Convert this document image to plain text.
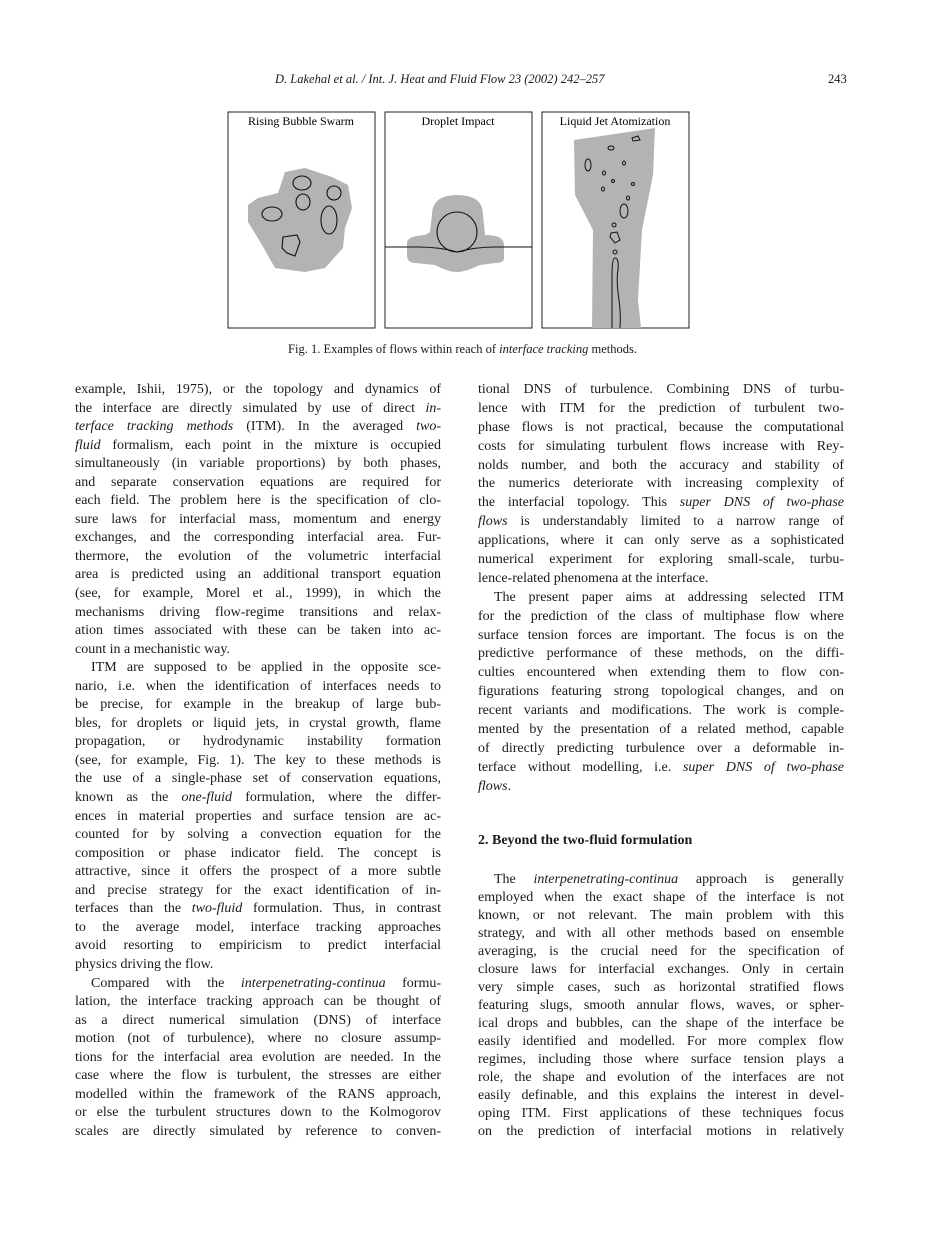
D. Lakehal et al. / Int. J. Heat and Fluid Flow 23 (2002) 242–257	243
Rising Bubble Swarm	Droplet Impact	Liquid Jet Atomization
Fig. 1. Examples of flows within reach of interface tracking methods.
example, Ishii, 1975), or the topology and dynamics of
the interface are directly simulated by use of direct in-
terface tracking methods (ITM). In the averaged two-
fluid formalism, each point in the mixture is occupied
simultaneously (in variable proportions) by both phases,
and separate conservation equations are required for
each field. The problem here is the specification of clo-
sure laws for interfacial mass, momentum and energy
exchanges, and the corresponding interfacial area. Fur-
thermore, the evolution of the volumetric interfacial
area is predicted using an additional transport equation
(see, for example, Morel et al., 1999), in which the
mechanisms driving flow-regime transitions and relax-
ation times associated with these can be taken into ac-
count in a mechanistic way.
ITM are supposed to be applied in the opposite sce-
nario, i.e. when the identification of interfaces needs to
be precise, for example in the breakup of large bub-
bles, for droplets or liquid jets, in crystal growth, flame
propagation, or hydrodynamic instability formation
(see, for example, Fig. 1). The key to these methods is
the use of a single-phase set of conservation equations,
known as the one-fluid formulation, where the differ-
ences in material properties and surface tension are ac-
counted for by solving a convection equation for the
composition or phase indicator field. The concept is
attractive, since it offers the prospect of a more subtle
and precise strategy for the exact identification of in-
terfaces than the two-fluid formulation. Thus, in contrast
to the average model, interface tracking approaches
avoid resorting to empiricism to predict interfacial
physics driving the flow.
Compared with the interpenetrating-continua formu-
lation, the interface tracking approach can be thought of
as a direct numerical simulation (DNS) of interface
motion (not of turbulence), where no closure assump-
tions for the interfacial area evolution are needed. In the
case where the flow is turbulent, the stresses are either
modelled within the framework of the RANS approach,
or else the turbulent structures down to the Kolmogorov
scales are directly simulated by reference to conven-
tional DNS of turbulence. Combining DNS of turbu-
lence with ITM for the prediction of turbulent two-
phase flows is not practical, because the computational
costs for simulating turbulent flows increase with Rey-
nolds number, and both the accuracy and stability of
the numerics deteriorate with increasing complexity of
the interfacial topology. This super DNS of two-phase
flows is understandably limited to a narrow range of
applications, where it can only serve as a sophisticated
numerical experiment for exploring small-scale, turbu-
lence-related phenomena at the interface.
The present paper aims at addressing selected ITM
for the prediction of the class of multiphase flow where
surface tension forces are important. The focus is on the
predictive performance of these methods, on the diffi-
culties encountered when extending them to flow con-
figurations featuring strong topological changes, and on
recent variants and modifications. The work is comple-
mented by the presentation of a related method, capable
of directly predicting turbulence over a deformable in-
terface without modelling, i.e. super DNS of two-phase
flows.
2. Beyond the two-fluid formulation
The interpenetrating-continua approach is generally
employed when the exact shape of the interface is not
known, or not relevant. The main problem with this
strategy, and with all other methods based on ensemble
averaging, is the crucial need for the specification of
closure laws for interfacial exchanges. Only in certain
very simple cases, such as horizontal stratified flows
featuring slugs, smooth annular flows, waves, or spher-
ical drops and bubbles, can the shape of the interface be
easily identified and modelled. For more complex flow
regimes, including those where surface tension plays a
role, the shape and evolution of the interfaces are not
easily definable, and this explains the interest in devel-
oping ITM. First applications of these techniques focus
on the prediction of interfacial motions in relatively
